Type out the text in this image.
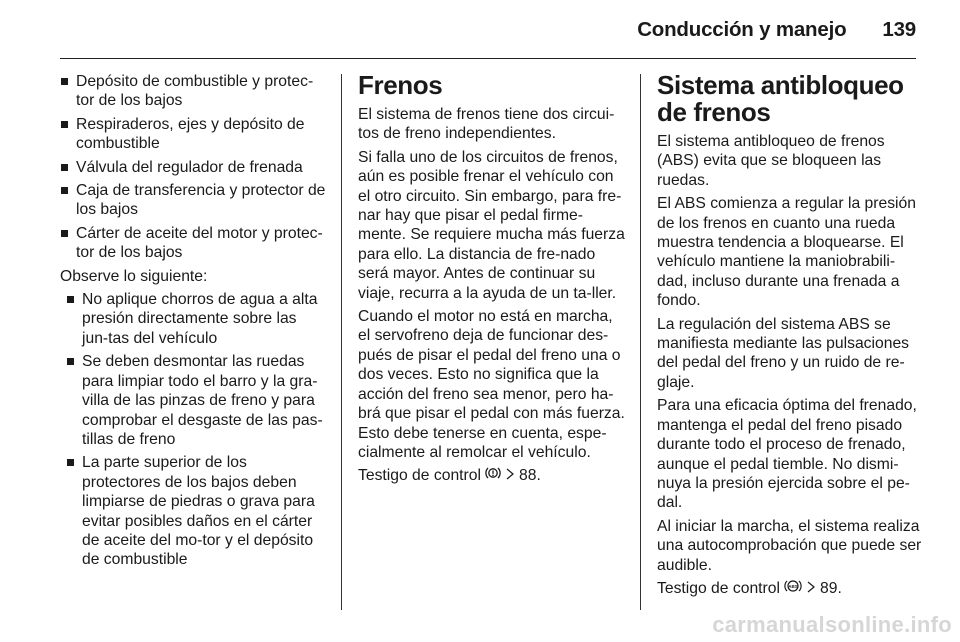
Conducción y manejo 139
Depósito de combustible y protec-tor de los bajos
Respiraderos, ejes y depósito de combustible
Válvula del regulador de frenada
Caja de transferencia y protector de los bajos
Cárter de aceite del motor y protec-tor de los bajos

Observe lo siguiente:

No aplique chorros de agua a alta presión directamente sobre las jun-tas del vehículo
Se deben desmontar las ruedas para limpiar todo el barro y la gra-villa de las pinzas de freno y para comprobar el desgaste de las pas-tillas de freno
La parte superior de los protectores de los bajos deben limpiarse de piedras o grava para evitar posibles daños en el cárter de aceite del mo-tor y el depósito de combustible
Frenos

El sistema de frenos tiene dos circui-tos de freno independientes.

Si falla uno de los circuitos de frenos, aún es posible frenar el vehículo con el otro circuito. Sin embargo, para fre-nar hay que pisar el pedal firme-mente. Se requiere mucha más fuerza para ello. La distancia de fre-nado será mayor. Antes de continuar su viaje, recurra a la ayuda de un ta-ller.

Cuando el motor no está en marcha, el servofreno deja de funcionar des-pués de pisar el pedal del freno una o dos veces. Esto no significa que la acción del freno sea menor, pero ha-brá que pisar el pedal con más fuerza. Esto debe tenerse en cuenta, espe-cialmente al remolcar el vehículo.

Testigo de control 88.

Sistema antibloqueo de frenos

El sistema antibloqueo de frenos (ABS) evita que se bloqueen las ruedas.

El ABS comienza a regular la presión de los frenos en cuanto una rueda muestra tendencia a bloquearse. El vehículo mantiene la maniobrabili-dad, incluso durante una frenada a fondo.

La regulación del sistema ABS se manifiesta mediante las pulsaciones del pedal del freno y un ruido de re-glaje.

Para una eficacia óptima del frenado, mantenga el pedal del freno pisado durante todo el proceso de frenado, aunque el pedal tiemble. No dismi-nuya la presión ejercida sobre el pe-dal.

Al iniciar la marcha, el sistema realiza una autocomprobación que puede ser audible.

Testigo de control ABS 89.

carmanualsonline.info
